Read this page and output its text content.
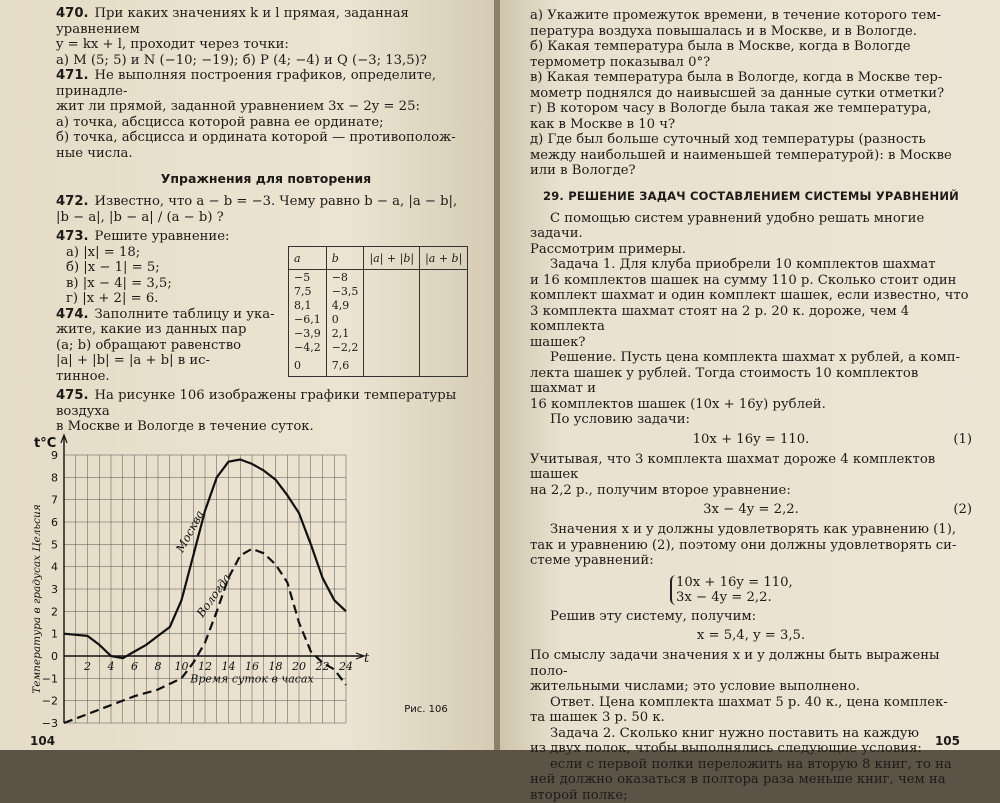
470. При каких значениях k и l прямая, заданная уравнением

y = kx + l, проходит через точки:

а) M (5; 5) и N (−10; −19); б) P (4; −4) и Q (−3; 13,5)?

471. Не выполняя построения графиков, определите, принадле-

жит ли прямой, заданной уравнением 3x − 2y = 25:

а) точка, абсцисса которой равна ее ординате;

б) точка, абсцисса и ордината которой — противополож-

ные числа.

Упражнения для повторения

472. Известно, что a − b = −3. Чему равно b − a, |a − b|,

|b − a|, |b − a| / (a − b) ?

473. Решите уравнение:

а) |x| = 18;

б) |x − 1| = 5;

в) |x − 4| = 3,5;

г) |x + 2| = 6.

474. Заполните таблицу и ука-

жите, какие из данных пар

(a; b) обращают равенство

|a| + |b| = |a + b| в ис-

тинное.

475. На рисунке 106 изображены графики температуры воздуха

в Москве и Вологде в течение суток.

a	b	|a| + |b|	|a + b|
−5	−8		
7,5	−3,5		
8,1	4,9		
−6,1	0		
−3,9	2,1		
−4,2	−2,2		
0	7,6		
104
−3
−2
−1
0
1
2
3
4
5
6
7
8
9
2 4 6 8 10 12 14 16 18 20 22 24
t°C
t
Температура в градусах Цельсия	Время суток в часах
Рис. 106
Москва
Вологда

а) Укажите промежуток времени, в течение которого тем-

пература воздуха повышалась и в Москве, и в Вологде.

б) Какая температура была в Москве, когда в Вологде

термометр показывал 0°?

в) Какая температура была в Вологде, когда в Москве тер-

мометр поднялся до наивысшей за данные сутки отметки?

г) В котором часу в Вологде была такая же температура,

как в Москве в 10 ч?

д) Где был больше суточный ход температуры (разность

между наибольшей и наименьшей температурой): в Москве

или в Вологде?

29. РЕШЕНИЕ ЗАДАЧ СОСТАВЛЕНИЕМ СИСТЕМЫ УРАВНЕНИЙ

С помощью систем уравнений удобно решать многие задачи.

Рассмотрим примеры.

Задача 1. Для клуба приобрели 10 комплектов шахмат

и 16 комплектов шашек на сумму 110 р. Сколько стоит один

комплект шахмат и один комплект шашек, если известно, что

3 комплекта шахмат стоят на 2 р. 20 к. дороже, чем 4 комплекта

шашек?

Решение. Пусть цена комплекта шахмат x рублей, а комп-

лекта шашек y рублей. Тогда стоимость 10 комплектов шахмат и

16 комплектов шашек (10x + 16y) рублей.

По условию задачи:

10x + 16y = 110.	(1)

Учитывая, что 3 комплекта шахмат дороже 4 комплектов шашек

на 2,2 р., получим второе уравнение:

3x − 4y = 2,2.	(2)

Значения x и y должны удовлетворять как уравнению (1),

так и уравнению (2), поэтому они должны удовлетворять си-

стеме уравнений:

10x + 16y = 110,
3x − 4y = 2,2.

Решив эту систему, получим:

x = 5,4, y = 3,5.

По смыслу задачи значения x и y должны быть выражены поло-

жительными числами; это условие выполнено.

Ответ. Цена комплекта шахмат 5 р. 40 к., цена комплек-

та шашек 3 р. 50 к.

Задача 2. Сколько книг нужно поставить на каждую

из двух полок, чтобы выполнялись следующие условия:

если с первой полки переложить на вторую 8 книг, то на

ней должно оказаться в полтора раза меньше книг, чем на

второй полке;

105
